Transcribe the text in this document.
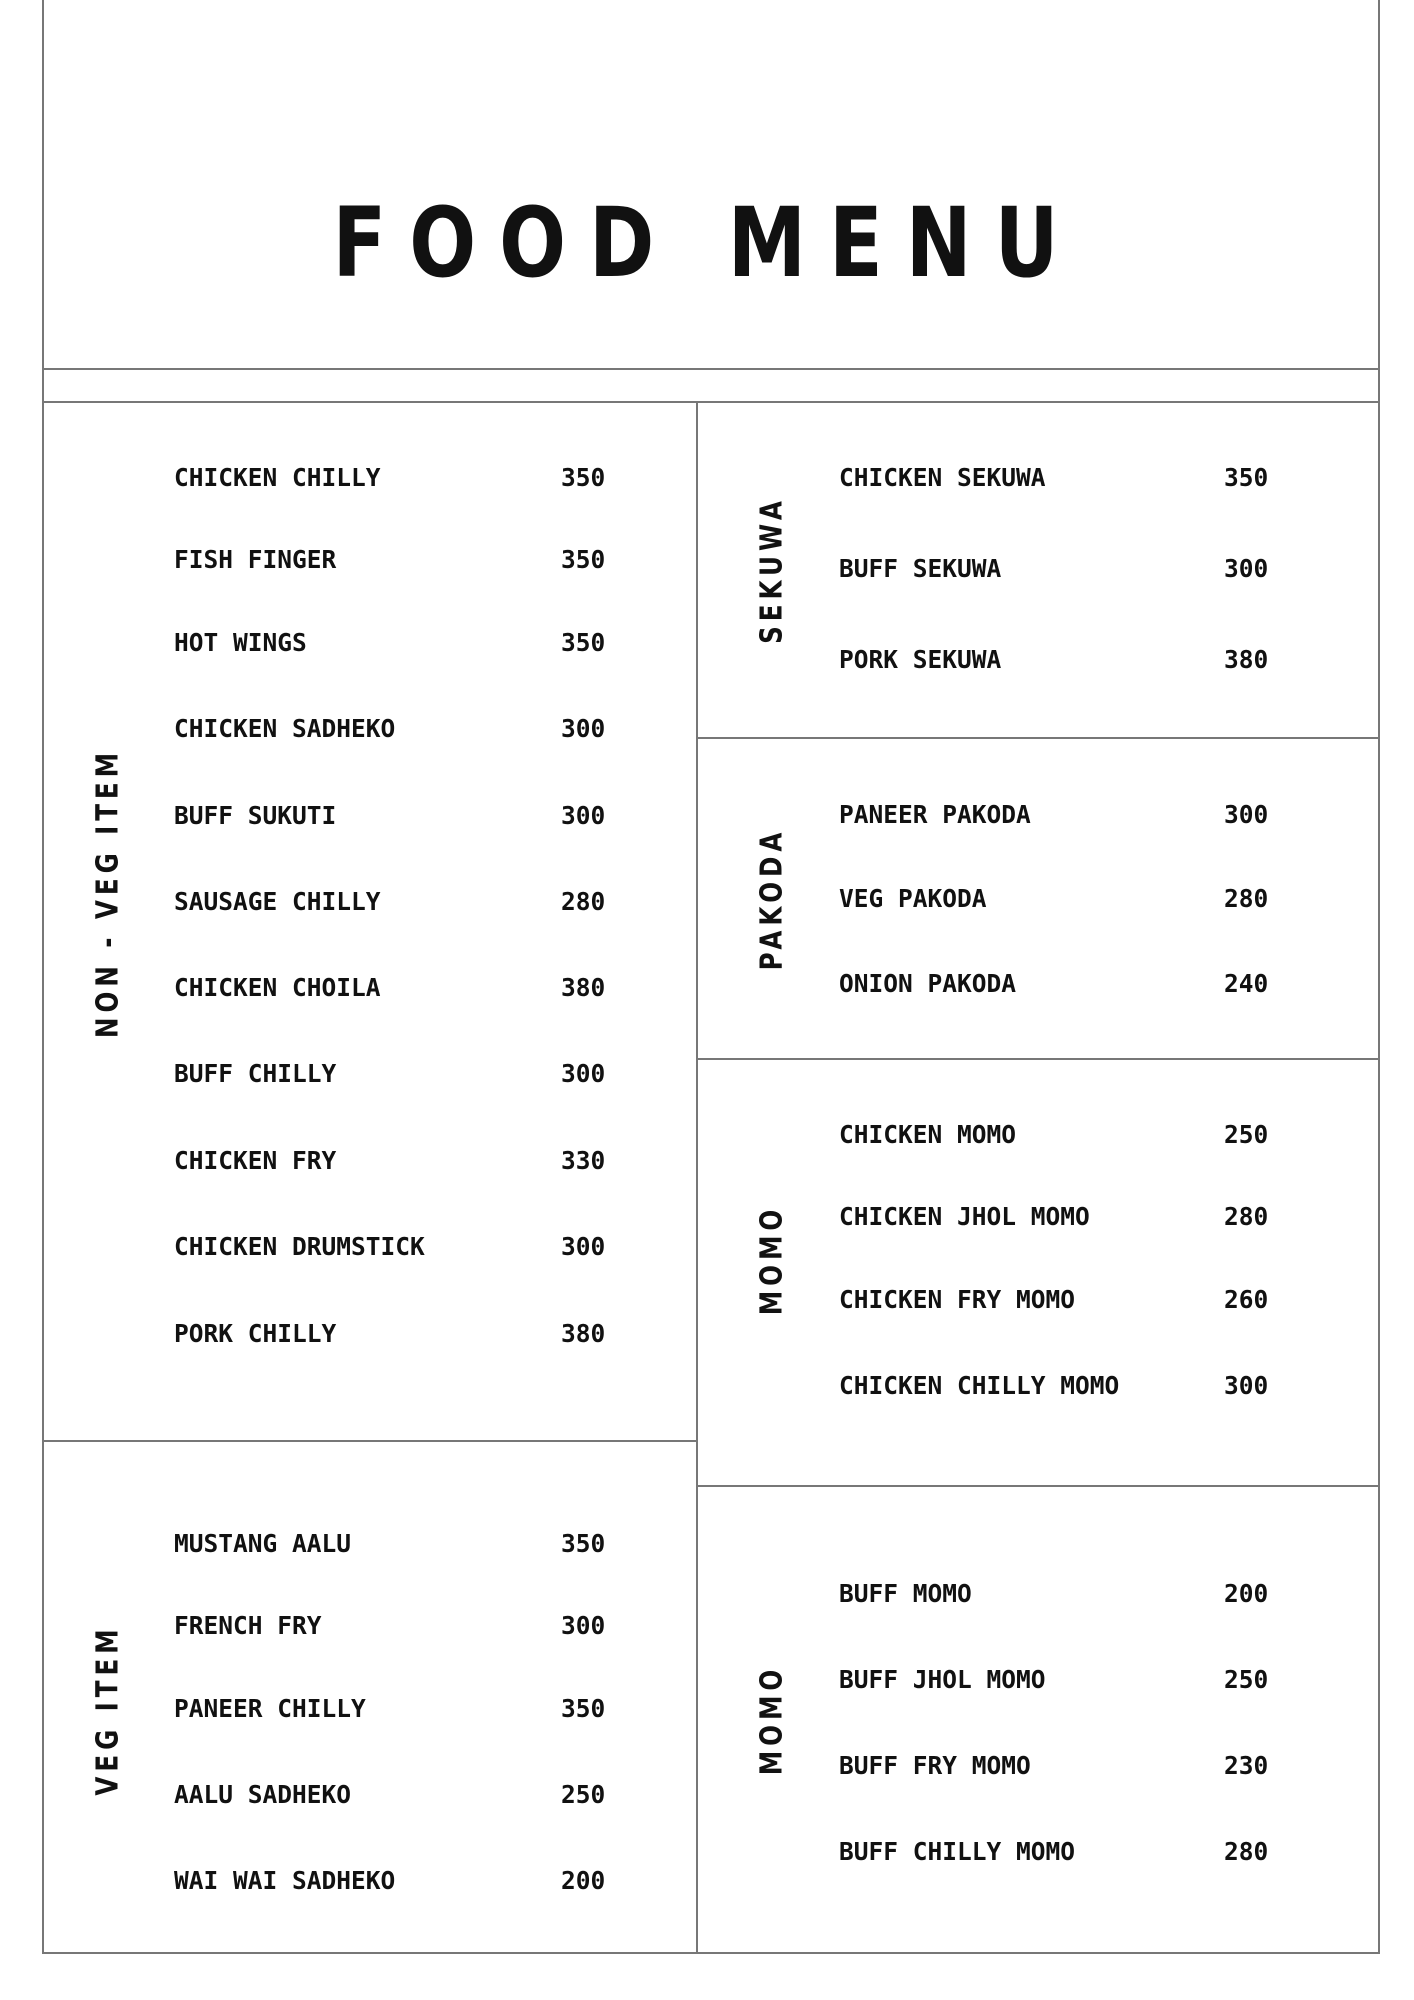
FOOD MENU
NON - VEG ITEM
CHICKEN CHILLY	350
FISH FINGER	350
HOT WINGS	350
CHICKEN SADHEKO	300
BUFF SUKUTI	300
SAUSAGE CHILLY	280
CHICKEN CHOILA	380
BUFF CHILLY	300
CHICKEN FRY	330
CHICKEN DRUMSTICK	300
PORK CHILLY	380
VEG ITEM
MUSTANG AALU	350
FRENCH FRY	300
PANEER CHILLY	350
AALU SADHEKO	250
WAI WAI SADHEKO	200
SEKUWA
CHICKEN SEKUWA	350
BUFF SEKUWA	300
PORK SEKUWA	380
PAKODA
PANEER PAKODA	300
VEG PAKODA	280
ONION PAKODA	240
MOMO
CHICKEN MOMO	250
CHICKEN JHOL MOMO	280
CHICKEN FRY MOMO	260
CHICKEN CHILLY MOMO	300
MOMO
BUFF MOMO	200
BUFF JHOL MOMO	250
BUFF FRY MOMO	230
BUFF CHILLY MOMO	280
